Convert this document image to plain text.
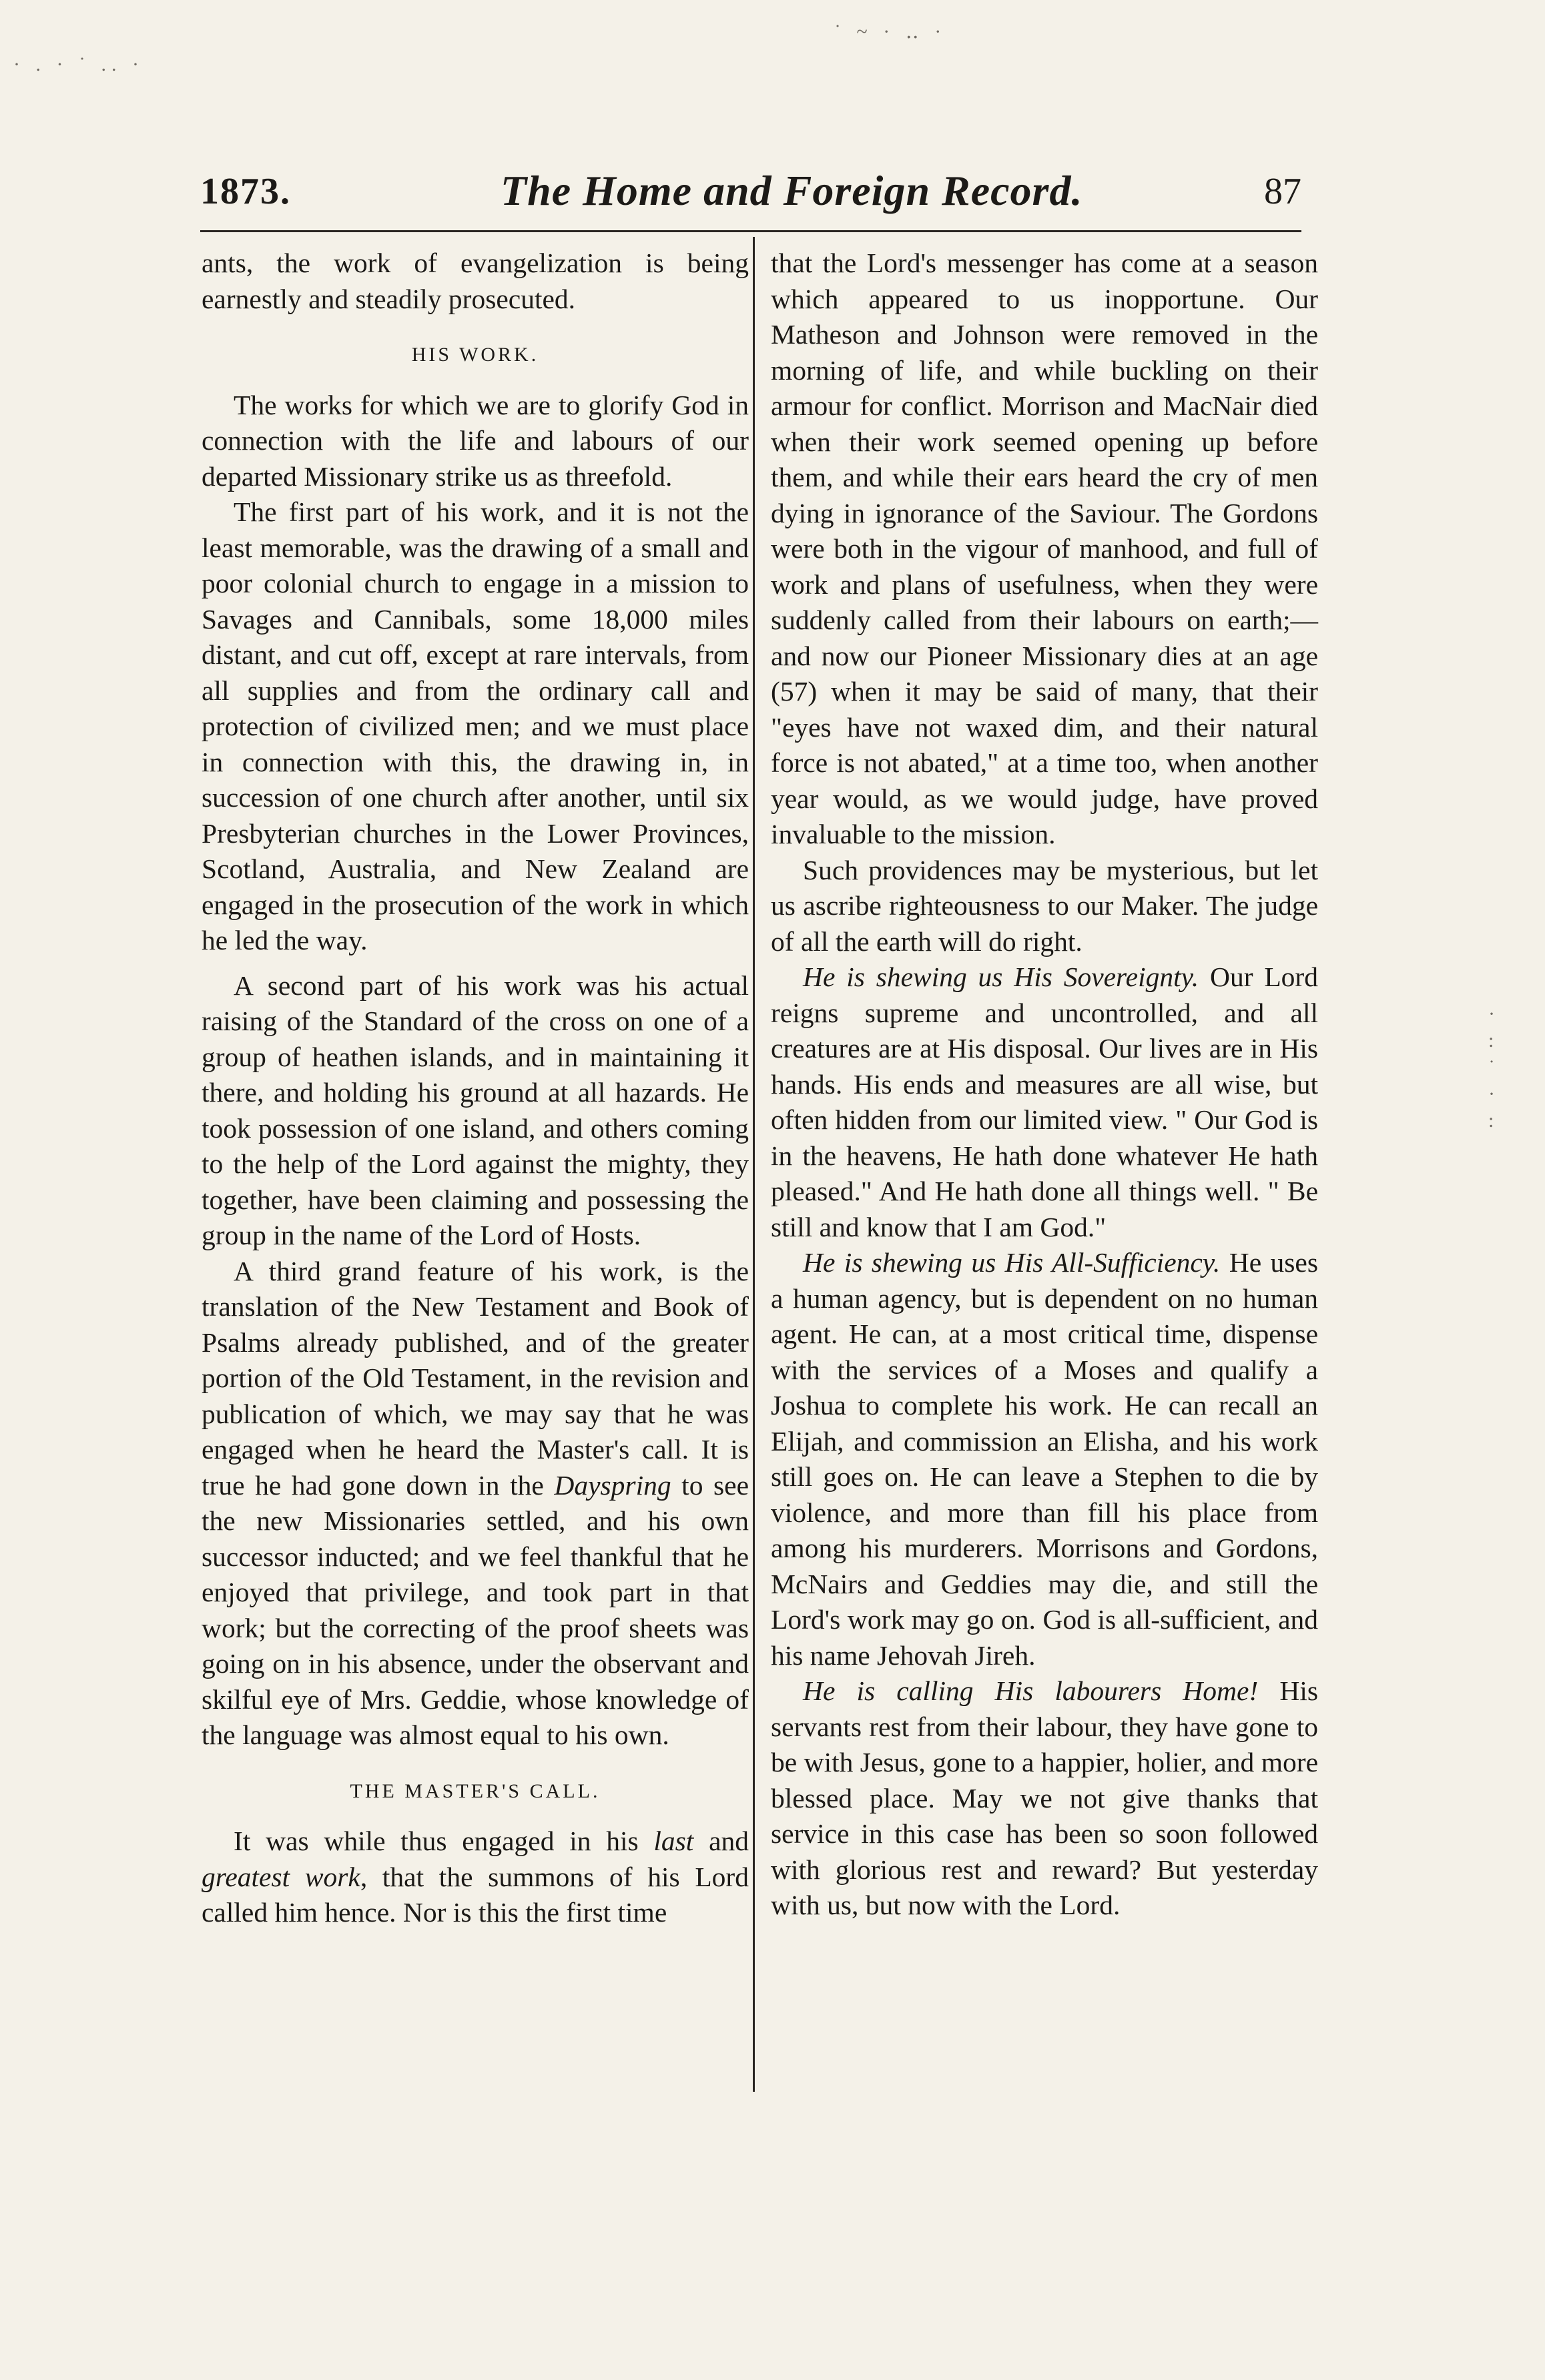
1873.	The Home and Foreign Record.	87

ants, the work of evangelization is being earnestly and steadily prosecuted.

HIS WORK.

The works for which we are to glorify God in connection with the life and labours of our departed Missionary strike us as threefold.

The first part of his work, and it is not the least memorable, was the drawing of a small and poor colonial church to engage in a mission to Savages and Cannibals, some 18,000 miles distant, and cut off, except at rare intervals, from all supplies and from the ordinary call and protection of civilized men; and we must place in connection with this, the drawing in, in succession of one church after another, until six Presbyterian churches in the Lower Provinces, Scotland, Australia, and New Zealand are engaged in the prosecution of the work in which he led the way.

A second part of his work was his actual raising of the Standard of the cross on one of a group of heathen islands, and in maintaining it there, and holding his ground at all hazards. He took possession of one island, and others coming to the help of the Lord against the mighty, they together, have been claiming and possessing the group in the name of the Lord of Hosts.

A third grand feature of his work, is the translation of the New Testament and Book of Psalms already published, and of the greater portion of the Old Testament, in the revision and publication of which, we may say that he was engaged when he heard the Master's call. It is true he had gone down in the Dayspring to see the new Missionaries settled, and his own successor inducted; and we feel thankful that he enjoyed that privilege, and took part in that work; but the correcting of the proof sheets was going on in his absence, under the observant and skilful eye of Mrs. Geddie, whose knowledge of the language was almost equal to his own.

THE MASTER'S CALL.

It was while thus engaged in his last and greatest work, that the summons of his Lord called him hence. Nor is this the first time

that the Lord's messenger has come at a season which appeared to us inopportune. Our Matheson and Johnson were removed in the morning of life, and while buckling on their armour for conflict. Morrison and MacNair died when their work seemed opening up before them, and while their ears heard the cry of men dying in ignorance of the Saviour. The Gordons were both in the vigour of manhood, and full of work and plans of usefulness, when they were suddenly called from their labours on earth;—and now our Pioneer Missionary dies at an age (57) when it may be said of many, that their "eyes have not waxed dim, and their natural force is not abated," at a time too, when another year would, as we would judge, have proved invaluable to the mission.

Such providences may be mysterious, but let us ascribe righteousness to our Maker. The judge of all the earth will do right.

He is shewing us His Sovereignty. Our Lord reigns supreme and uncontrolled, and all creatures are at His disposal. Our lives are in His hands. His ends and measures are all wise, but often hidden from our limited view. " Our God is in the heavens, He hath done whatever He hath pleased." And He hath done all things well. " Be still and know that I am God."

He is shewing us His All-Sufficiency. He uses a human agency, but is dependent on no human agent. He can, at a most critical time, dispense with the services of a Moses and qualify a Joshua to complete his work. He can recall an Elijah, and commission an Elisha, and his work still goes on. He can leave a Stephen to die by violence, and more than fill his place from among his murderers. Morrisons and Gordons, McNairs and Geddies may die, and still the Lord's work may go on. God is all-sufficient, and his name Jehovah Jireh.

He is calling His labourers Home! His servants rest from their labour, they have gone to be with Jesus, gone to a happier, holier, and more blessed place. May we not give thanks that service in this case has been so soon followed with glorious rest and reward? But yesterday with us, but now with the Lord.

· . · ˙ .. ·
˙ ~ · ‥ ·
·
:
˙
·
:
